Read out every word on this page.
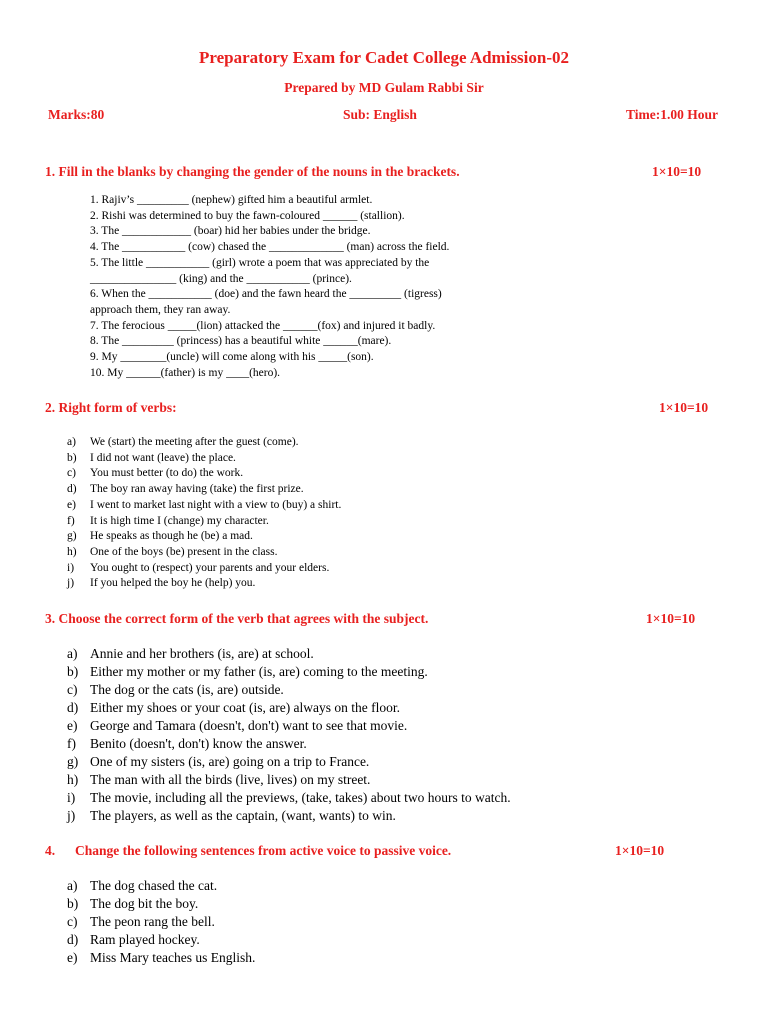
Preparatory Exam for Cadet College Admission-02
Prepared by MD Gulam Rabbi Sir
Marks:80	Sub: English	Time:1.00 Hour
1. Fill in the blanks by changing the gender of the nouns in the brackets.	1×10=10
1. Rajiv’s _________ (nephew) gifted him a beautiful armlet.
2. Rishi was determined to buy the fawn-coloured ______ (stallion).
3. The ____________ (boar) hid her babies under the bridge.
4. The ___________ (cow) chased the _____________ (man) across the field.
5. The little ___________ (girl) wrote a poem that was appreciated by the
_______________ (king) and the ___________ (prince).
6. When the ___________ (doe) and the fawn heard the _________ (tigress)
approach them, they ran away.
7. The ferocious _____(lion) attacked the ______(fox) and injured it badly.
8. The _________ (princess) has a beautiful white ______(mare).
9. My ________(uncle) will come along with his _____(son).
10. My ______(father) is my ____(hero).
2. Right form of verbs:	1×10=10
a) We (start) the meeting after the guest (come).
b) I did not want (leave) the place.
c) You must better (to do) the work.
d) The boy ran away having (take) the first prize.
e) I went to market last night with a view to (buy) a shirt.
f) It is high time I (change) my character.
g) He speaks as though he (be) a mad.
h) One of the boys (be) present in the class.
i) You ought to (respect) your parents and your elders.
j) If you helped the boy he (help) you.
3. Choose the correct form of the verb that agrees with the subject.	1×10=10
a) Annie and her brothers (is, are) at school.
b) Either my mother or my father (is, are) coming to the meeting.
c) The dog or the cats (is, are) outside.
d) Either my shoes or your coat (is, are) always on the floor.
e) George and Tamara (doesn't, don't) want to see that movie.
f) Benito (doesn't, don't) know the answer.
g) One of my sisters (is, are) going on a trip to France.
h) The man with all the birds (live, lives) on my street.
i) The movie, including all the previews, (take, takes) about two hours to watch.
j) The players, as well as the captain, (want, wants) to win.
4. Change the following sentences from active voice to passive voice.	1×10=10
a) The dog chased the cat.
b) The dog bit the boy.
c) The peon rang the bell.
d) Ram played hockey.
e) Miss Mary teaches us English.
